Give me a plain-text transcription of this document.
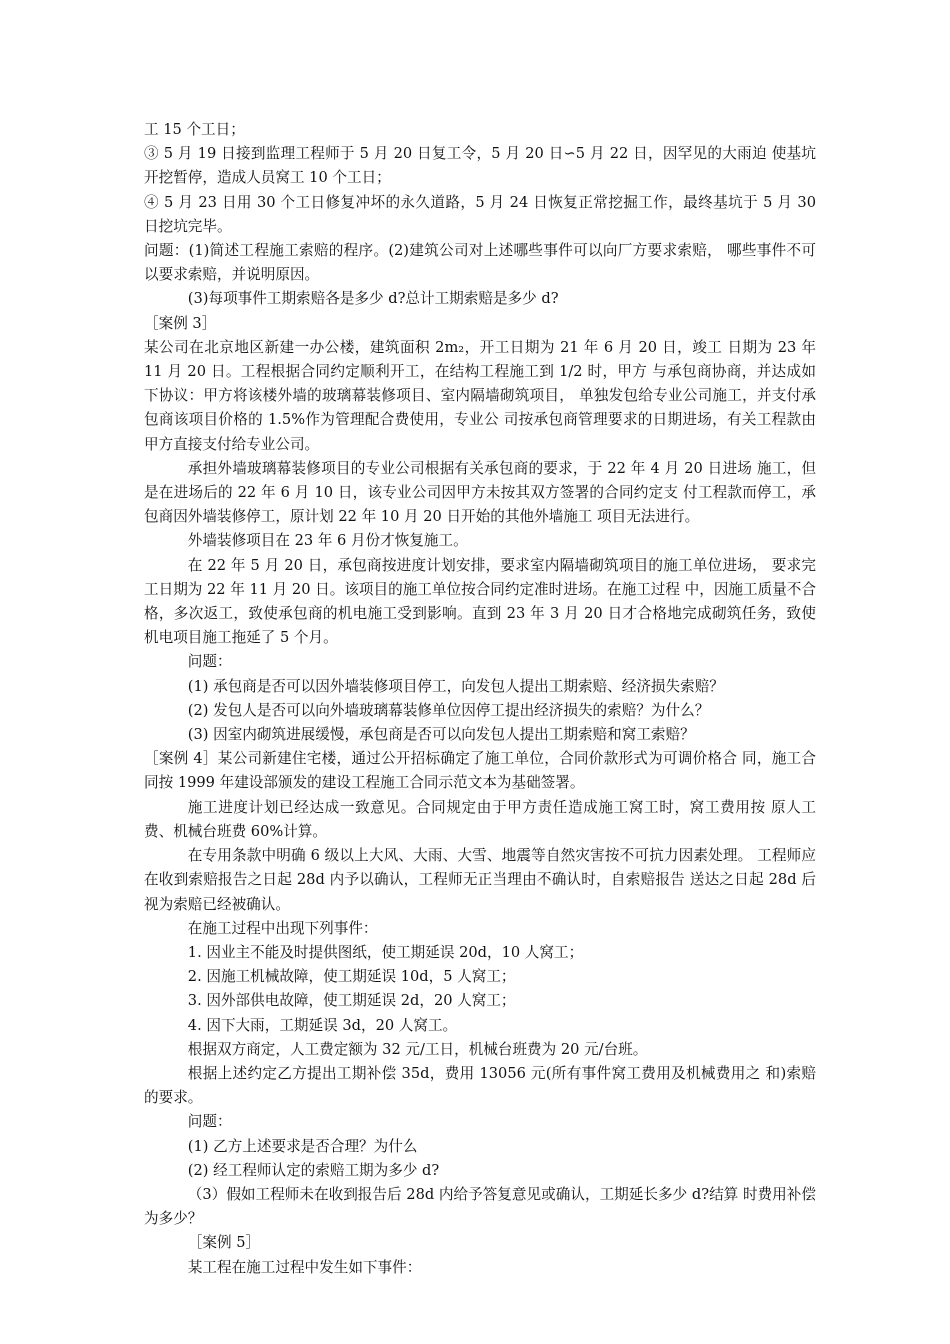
工 15 个工日；

③ 5 月 19 日接到监理工程师于 5 月 20 日复工令，5 月 20 日∽5 月 22 日，因罕见的大雨迫 使基坑开挖暂停，造成人员窝工 10 个工日；

④ 5 月 23 日用 30 个工日修复冲坏的永久道路，5 月 24 日恢复正常挖掘工作，最终基坑于 5 月 30 日挖坑完毕。

问题：(1)简述工程施工索赔的程序。(2)建筑公司对上述哪些事件可以向厂方要求索赔， 哪些事件不可以要求索赔，并说明原因。

(3)每项事件工期索赔各是多少 d?总计工期索赔是多少 d?

［案例 3］

某公司在北京地区新建一办公楼，建筑面积 2m₂，开工日期为 21 年 6 月 20 日，竣工 日期为 23 年 11 月 20 日。工程根据合同约定顺利开工，在结构工程施工到 1/2 时，甲方 与承包商协商，并达成如下协议：甲方将该楼外墙的玻璃幕装修项目、室内隔墙砌筑项目， 单独发包给专业公司施工，并支付承包商该项目价格的 1.5%作为管理配合费使用，专业公 司按承包商管理要求的日期进场，有关工程款由甲方直接支付给专业公司。

承担外墙玻璃幕装修项目的专业公司根据有关承包商的要求，于 22 年 4 月 20 日进场 施工，但是在进场后的 22 年 6 月 10 日，该专业公司因甲方未按其双方签署的合同约定支 付工程款而停工，承包商因外墙装修停工，原计划 22 年 10 月 20 日开始的其他外墙施工 项目无法进行。

外墙装修项目在 23 年 6 月份才恢复施工。

在 22 年 5 月 20 日，承包商按进度计划安排，要求室内隔墙砌筑项目的施工单位进场， 要求完工日期为 22 年 11 月 20 日。该项目的施工单位按合同约定准时进场。在施工过程 中，因施工质量不合格，多次返工，致使承包商的机电施工受到影响。直到 23 年 3 月 20 日才合格地完成砌筑任务，致使机电项目施工拖延了 5 个月。

问题：

(1) 承包商是否可以因外墙装修项目停工，向发包人提出工期索赔、经济损失索赔？

(2) 发包人是否可以向外墙玻璃幕装修单位因停工提出经济损失的索赔？为什么？

(3) 因室内砌筑进展缓慢，承包商是否可以向发包人提出工期索赔和窝工索赔？

［案例 4］某公司新建住宅楼，通过公开招标确定了施工单位，合同价款形式为可调价格合 同，施工合同按 1999 年建设部颁发的建设工程施工合同示范文本为基础签署。

施工进度计划已经达成一致意见。合同规定由于甲方责任造成施工窝工时，窝工费用按 原人工费、机械台班费 60%计算。

在专用条款中明确 6 级以上大风、大雨、大雪、地震等自然灾害按不可抗力因素处理。 工程师应在收到索赔报告之日起 28d 内予以确认，工程师无正当理由不确认时，自索赔报告 送达之日起 28d 后视为索赔已经被确认。

在施工过程中出现下列事件：

1. 因业主不能及时提供图纸，使工期延误 20d，10 人窝工；

2. 因施工机械故障，使工期延误 10d，5 人窝工；

3. 因外部供电故障，使工期延误 2d，20 人窝工；

4. 因下大雨，工期延误 3d，20 人窝工。

根据双方商定，人工费定额为 32 元/工日，机械台班费为 20 元/台班。

根据上述约定乙方提出工期补偿 35d，费用 13056 元(所有事件窝工费用及机械费用之 和)索赔的要求。

问题：

(1) 乙方上述要求是否合理？为什么

(2) 经工程师认定的索赔工期为多少 d?

（3）假如工程师未在收到报告后 28d 内给予答复意见或确认，工期延长多少 d?结算 时费用补偿为多少？

［案例 5］

某工程在施工过程中发生如下事件：
